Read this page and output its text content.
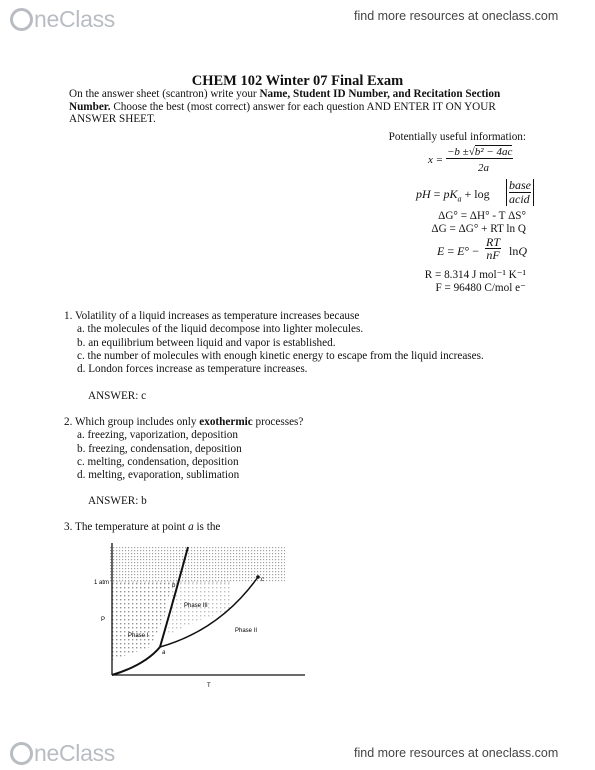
neClass	find more resources at oneclass.com
CHEM 102 Winter 07 Final Exam
On the answer sheet (scantron) write your Name, Student ID Number, and Recitation Section
Number. Choose the best (most correct) answer for each question AND ENTER IT ON YOUR
ANSWER SHEET.
Potentially useful information:
x =
−b ±√b² − 4ac
2a
pH = $pK_a + \log$
base
acid
ΔG° = ΔH° - T ΔS°
ΔG = ΔG° + RT ln Q
E = E° −
RT
nF lnQ
R = 8.314 J mol⁻¹ K⁻¹
F = 96480 C/mol e⁻
1. Volatility of a liquid increases as temperature increases because
a. the molecules of the liquid decompose into lighter molecules.
b. an equilibrium between liquid and vapor is established.
c. the number of molecules with enough kinetic energy to escape from the liquid increases.
d. London forces increase as temperature increases.
ANSWER: c
2. Which group includes only exothermic processes?
a. freezing, vaporization, deposition
b. freezing, condensation, deposition
c. melting, condensation, deposition
d. melting, evaporation, sublimation
ANSWER: b
3. The temperature at point a is the
1 atm
P
T
Phase I
Phase II
Phase III
a
b
c
neClass	find more resources at oneclass.com
